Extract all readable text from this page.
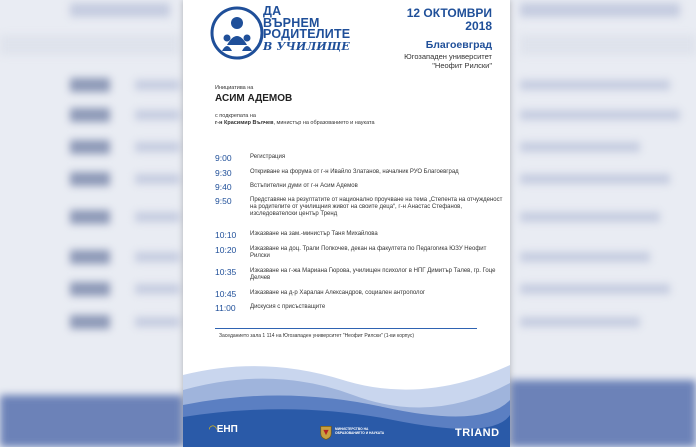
ДА
ВЪРНЕМ
РОДИТЕЛИТЕ
В УЧИЛИЩЕ
12 ОКТОМВРИ
2018
Благоевград
Югозападен университет
"Неофит Рилски"
Инициатива на
АСИМ АДЕМОВ
с подкрепата на
г-н Красимир Вълчев, министър на образованието и науката
9:00	Регистрация
9:30	Откриване на форума от г-н Ивайло Златанов, началник РУО Благоевград
9:40	Встъпителни думи от г-н Асим Адемов
9:50	Представяне на резултатите от национално проучване на тема „Степента на отчуждeност на родителите от училищния живот на своите деца“, г-н Анастас Стефанов, изследователски център Тренд
10:10 Изказване на зам.-министър Таня Михайлова
10:20 Изказване на доц. Трали Попкочев, декан на факултета по Педагогика ЮЗУ Неофит Рилски
10:35 Изказване на г-жа Мариана Гюрова, училищен психолог в НПГ Димитър Талев, гр. Гоце Делчев
10:45 Изказване на д-р Харалан Александров, социален антрополог
11:00 Дискусия с присъстващите
Заседанието зала 1 114 на Югозападен университет "Неофит Рилски" (1-ви корпус)
◠ЕНП	МИНИСТЕРСТВО НА ОБРАЗОВАНИЕТО И НАУКАТА	TRIAND
